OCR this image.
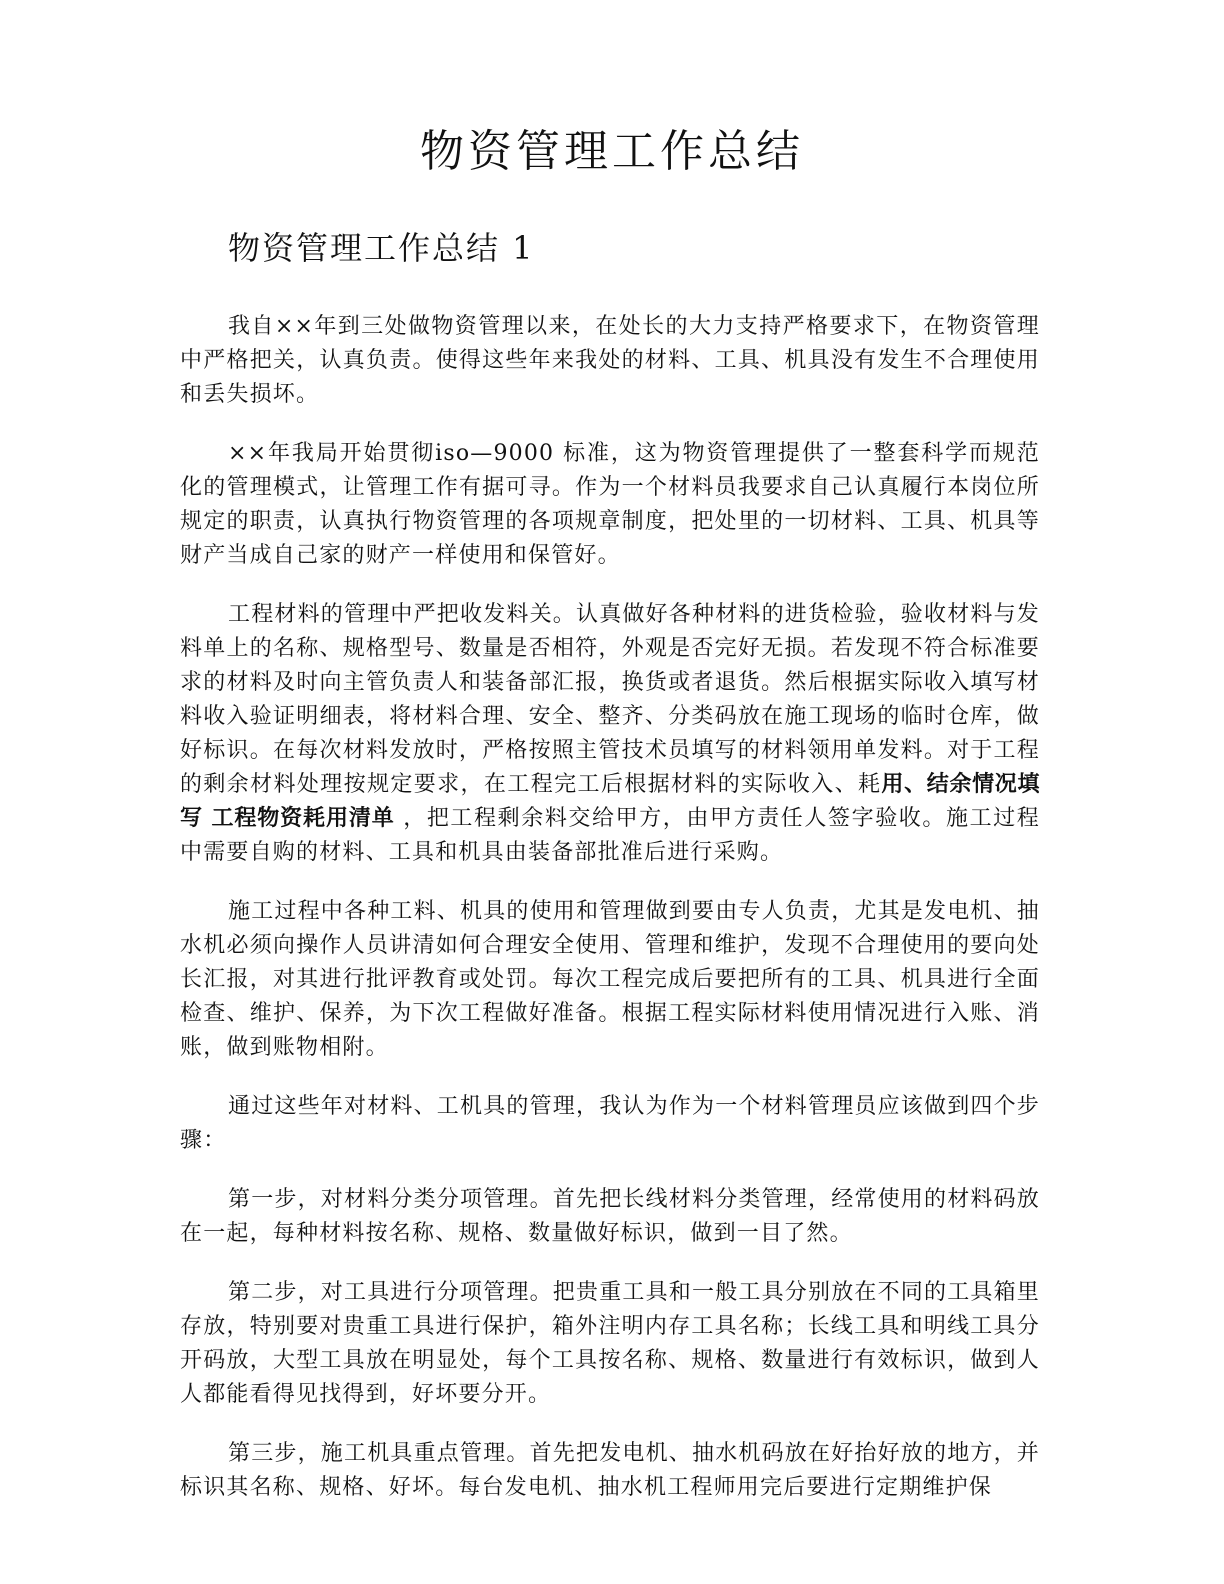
物资管理工作总结
物资管理工作总结 1

我自××年到三处做物资管理以来，在处长的大力支持严格要求下，在物资管理中严格把关，认真负责。使得这些年来我处的材料、工具、机具没有发生不合理使用和丢失损坏。

××年我局开始贯彻iso—9000 标准，这为物资管理提供了一整套科学而规范化的管理模式，让管理工作有据可寻。作为一个材料员我要求自己认真履行本岗位所规定的职责，认真执行物资管理的各项规章制度，把处里的一切材料、工具、机具等财产当成自己家的财产一样使用和保管好。

工程材料的管理中严把收发料关。认真做好各种材料的进货检验，验收材料与发料单上的名称、规格型号、数量是否相符，外观是否完好无损。若发现不符合标准要求的材料及时向主管负责人和装备部汇报，换货或者退货。然后根据实际收入填写材料收入验证明细表，将材料合理、安全、整齐、分类码放在施工现场的临时仓库，做好标识。在每次材料发放时，严格按照主管技术员填写的材料领用单发料。对于工程的剩余材料处理按规定要求，在工程完工后根据材料的实际收入、耗用、结余情况填写 工程物资耗用清单 ，把工程剩余料交给甲方，由甲方责任人签字验收。施工过程中需要自购的材料、工具和机具由装备部批准后进行采购。

施工过程中各种工料、机具的使用和管理做到要由专人负责，尤其是发电机、抽水机必须向操作人员讲清如何合理安全使用、管理和维护，发现不合理使用的要向处长汇报，对其进行批评教育或处罚。每次工程完成后要把所有的工具、机具进行全面检查、维护、保养，为下次工程做好准备。根据工程实际材料使用情况进行入账、消账，做到账物相附。

通过这些年对材料、工机具的管理，我认为作为一个材料管理员应该做到四个步骤：

第一步，对材料分类分项管理。首先把长线材料分类管理，经常使用的材料码放在一起，每种材料按名称、规格、数量做好标识，做到一目了然。

第二步，对工具进行分项管理。把贵重工具和一般工具分别放在不同的工具箱里存放，特别要对贵重工具进行保护，箱外注明内存工具名称；长线工具和明线工具分开码放，大型工具放在明显处，每个工具按名称、规格、数量进行有效标识，做到人人都能看得见找得到，好坏要分开。

第三步，施工机具重点管理。首先把发电机、抽水机码放在好抬好放的地方，并标识其名称、规格、好坏。每台发电机、抽水机工程师用完后要进行定期维护保
